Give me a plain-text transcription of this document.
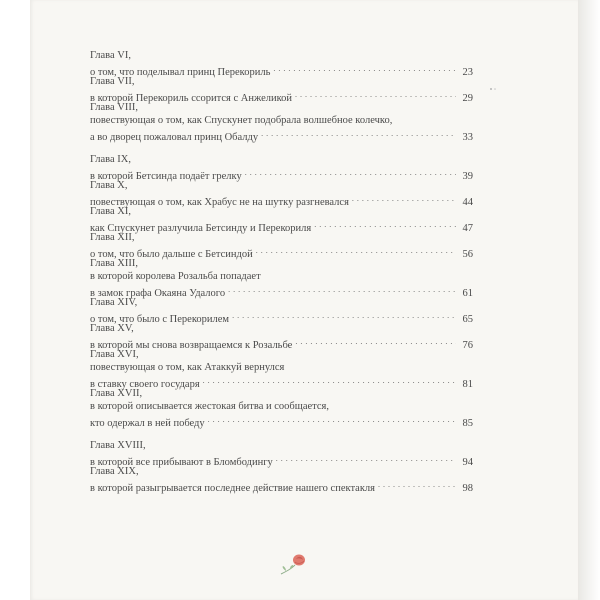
Глава VI,
о том, что поделывал принц Перекориль . . .	23
Глава VII,
в которой Перекориль ссорится с Анжеликой . . .	29
Глава VIII,
повествующая о том, как Спускунет подобрала волшебное колечко,
а во дворец пожаловал принц Обалду . . .	33
Глава IX,
в которой Бетсинда подаёт грелку . . .	39
Глава X,
повествующая о том, как Храбус не на шутку разгневался . . .	44
Глава XI,
как Спускунет разлучила Бетсинду и Перекориля . . .	47
Глава XII,
о том, что было дальше с Бетсиндой . . .	56
Глава XIII,
в которой королева Розальба попадает
в замок графа Окаяна Удалого . . .	61
Глава XIV,
о том, что было с Перекорилем . . .	65
Глава XV,
в которой мы снова возвращаемся к Розальбе . . .	76
Глава XVI,
повествующая о том, как Атаккуй вернулся
в ставку своего государя . . .	81
Глава XVII,
в которой описывается жестокая битва и сообщается,
кто одержал в ней победу . . .	85
Глава XVIII,
в которой все прибывают в Бломбодингу . . .	94
Глава XIX,
в которой разыгрывается последнее действие нашего спектакля . . .	98
